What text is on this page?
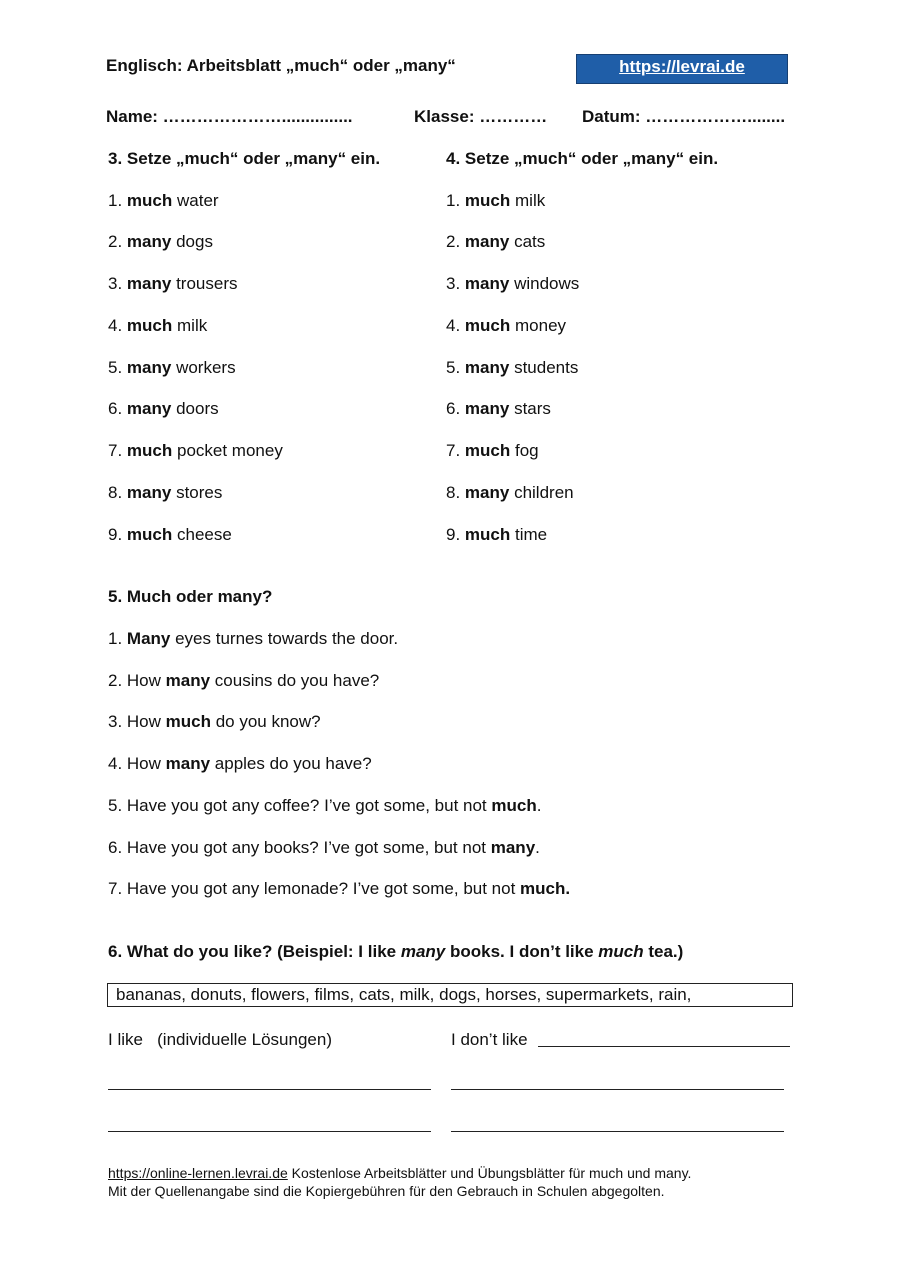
Englisch: Arbeitsblatt „much“ oder „many“	https://levrai.de
Name: …………………...............	Klasse: ………… Datum: ………………........
3. Setze „much“ oder „many“ ein.
1. much water
2. many dogs
3. many trousers
4. much milk
5. many workers
6. many doors
7. much pocket money
8. many stores
9. much cheese
4. Setze „much“ oder „many“ ein.
1. much milk
2. many cats
3. many windows
4. much money
5. many students
6. many stars
7. much fog
8. many children
9. much time
5. Much oder many?
1. Many eyes turnes towards the door.
2. How many cousins do you have?
3. How much do you know?
4. How many apples do you have?
5. Have you got any coffee? I’ve got some, but not much.
6. Have you got any books? I’ve got some, but not many.
7. Have you got any lemonade? I’ve got some, but not much.
6. What do you like? (Beispiel: I like many books. I don’t like much tea.)
bananas, donuts, flowers, films, cats, milk, dogs, horses, supermarkets, rain,
I like (individuelle Lösungen)	I don’t like
https://online-lernen.levrai.de Kostenlose Arbeitsblätter und Übungsblätter für much und many.
Mit der Quellenangabe sind die Kopiergebühren für den Gebrauch in Schulen abgegolten.
